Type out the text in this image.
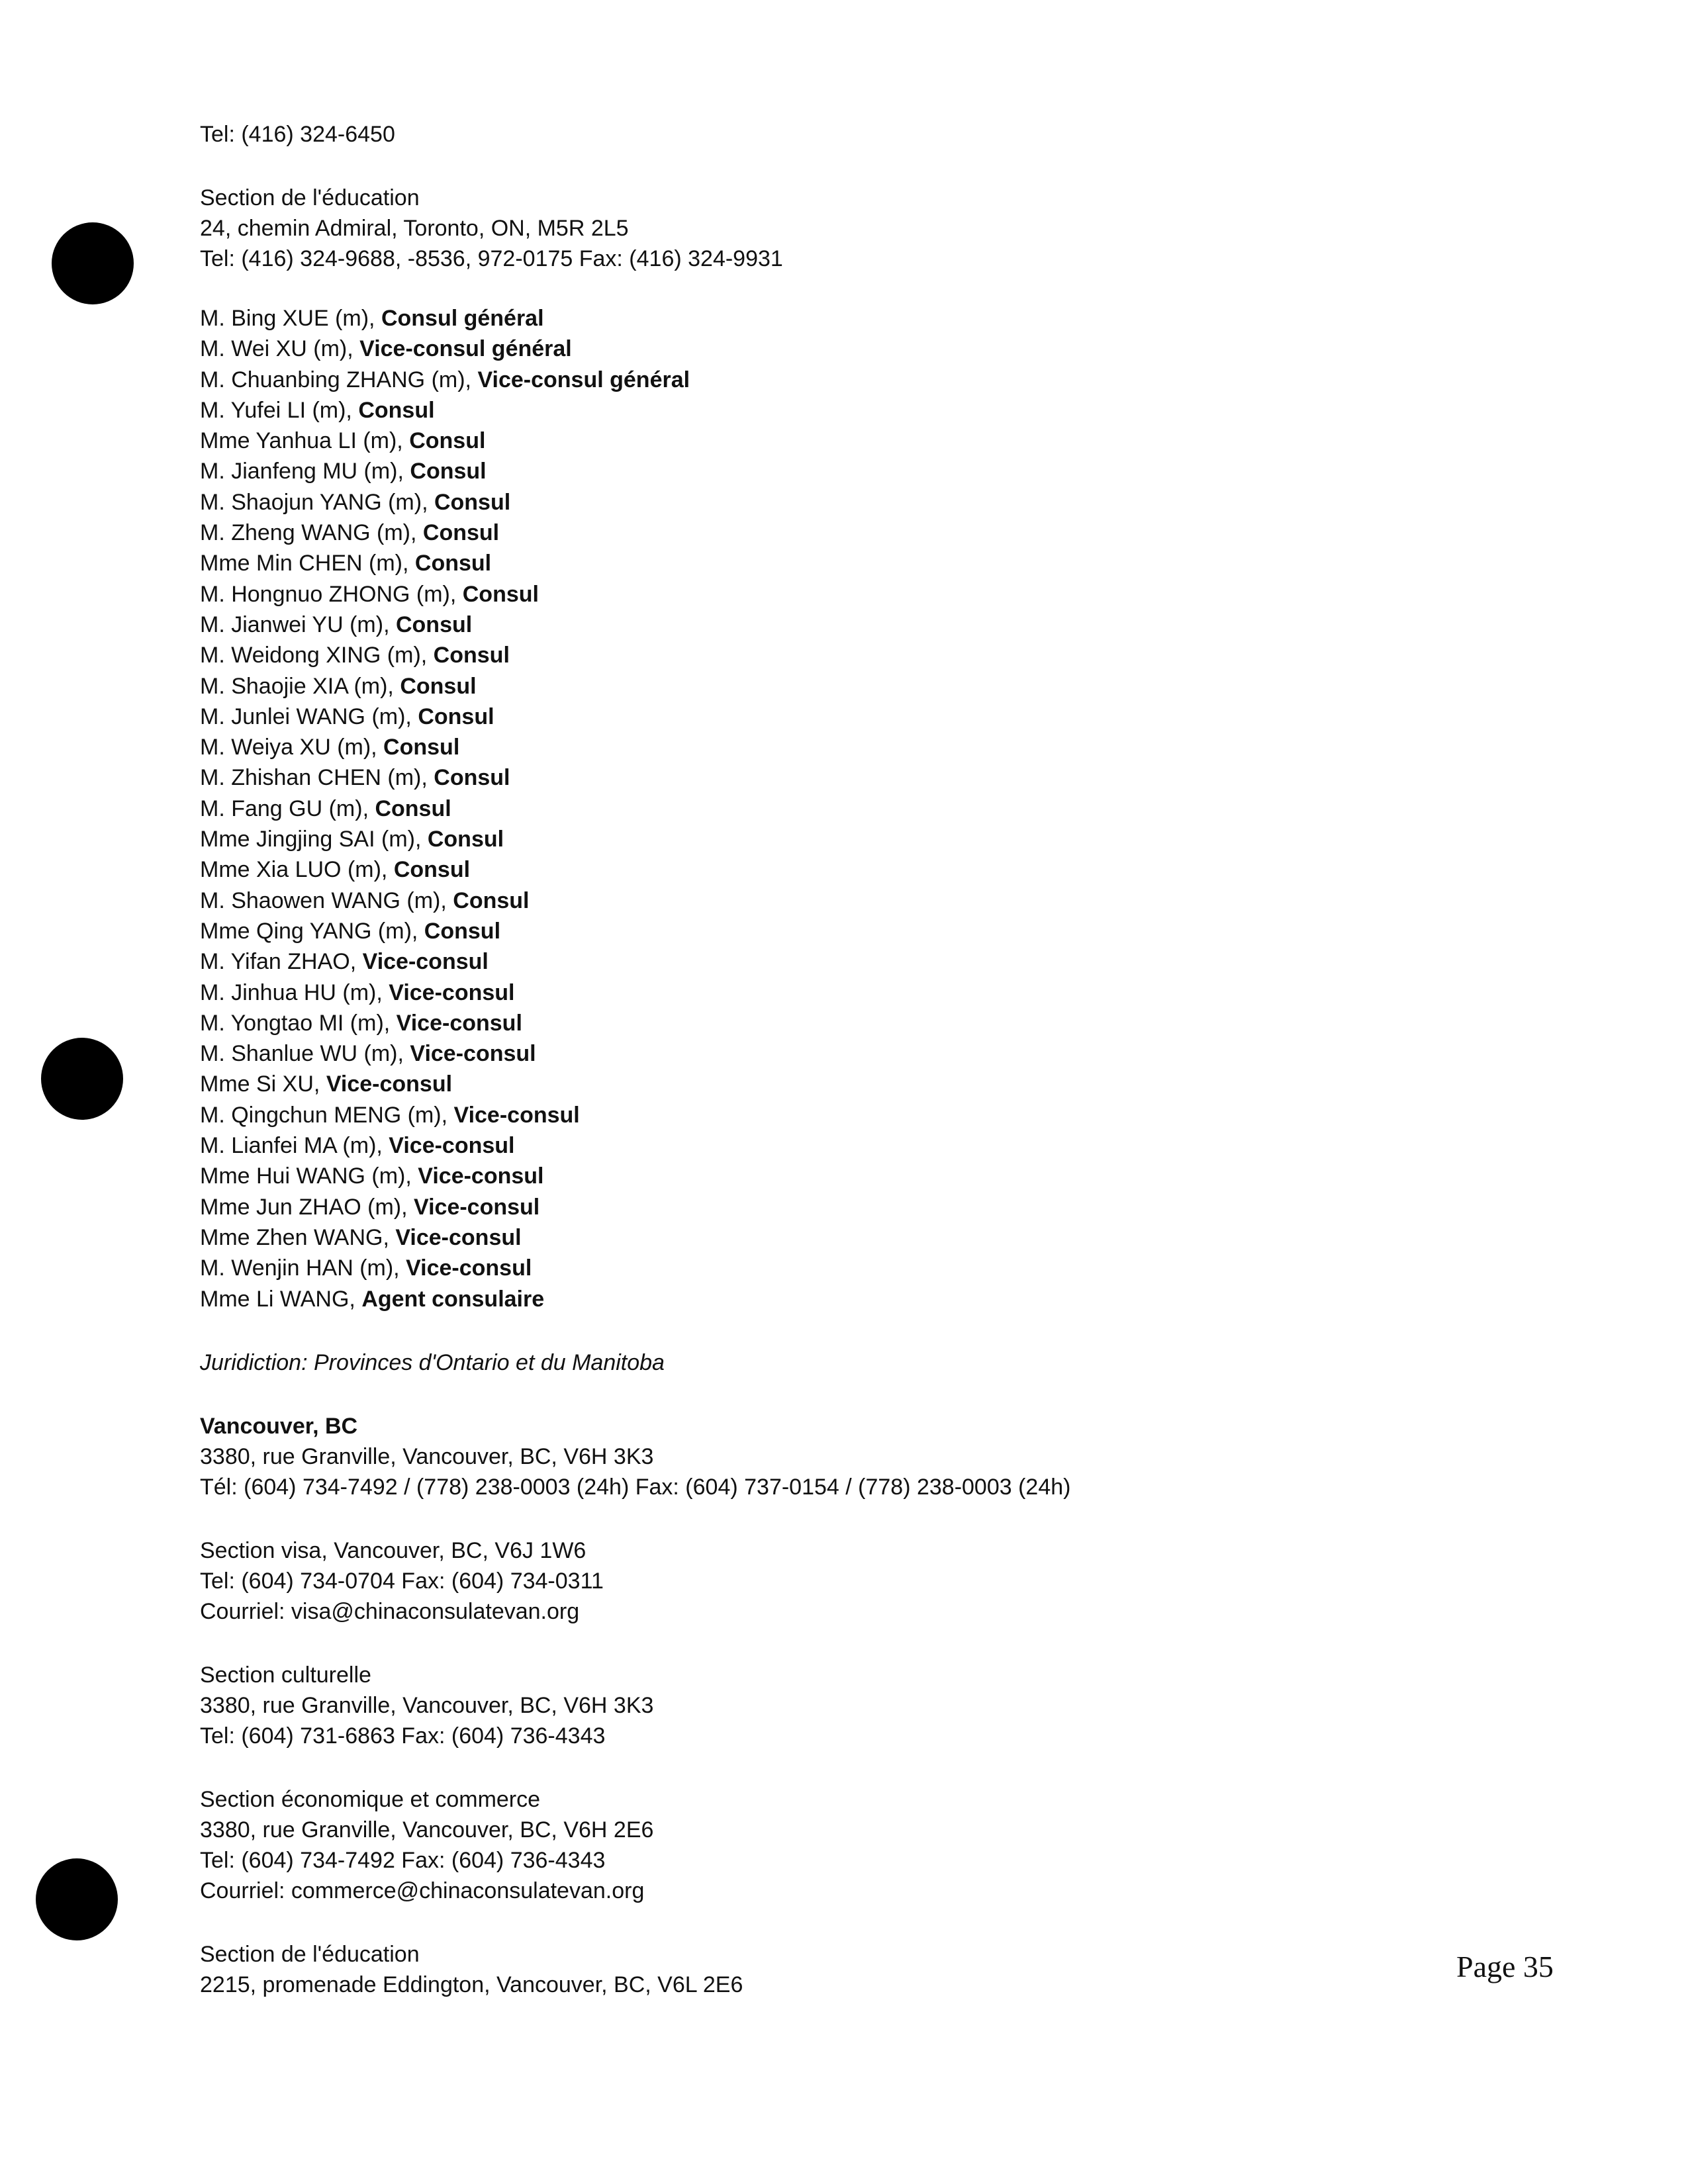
Tel: (416) 324-6450
Section de l'éducation
24, chemin Admiral, Toronto, ON, M5R 2L5
Tel: (416) 324-9688, -8536, 972-0175 Fax: (416) 324-9931
M. Bing XUE (m), Consul général
M. Wei XU (m), Vice-consul général
M. Chuanbing ZHANG (m), Vice-consul général
M. Yufei LI (m), Consul
Mme Yanhua LI (m), Consul
M. Jianfeng MU (m), Consul
M. Shaojun YANG (m), Consul
M. Zheng WANG (m), Consul
Mme Min CHEN (m), Consul
M. Hongnuo ZHONG (m), Consul
M. Jianwei YU (m), Consul
M. Weidong XING (m), Consul
M. Shaojie XIA (m), Consul
M. Junlei WANG (m), Consul
M. Weiya XU (m), Consul
M. Zhishan CHEN (m), Consul
M. Fang GU (m), Consul
Mme Jingjing SAI (m), Consul
Mme Xia LUO (m), Consul
M. Shaowen WANG (m), Consul
Mme Qing YANG (m), Consul
M. Yifan ZHAO, Vice-consul
M. Jinhua HU (m), Vice-consul
M. Yongtao MI (m), Vice-consul
M. Shanlue WU (m), Vice-consul
Mme Si XU, Vice-consul
M. Qingchun MENG (m), Vice-consul
M. Lianfei MA (m), Vice-consul
Mme Hui WANG (m), Vice-consul
Mme Jun ZHAO (m), Vice-consul
Mme Zhen WANG, Vice-consul
M. Wenjin HAN (m), Vice-consul
Mme Li WANG, Agent consulaire
Juridiction: Provinces d'Ontario et du Manitoba
Vancouver, BC
3380, rue Granville, Vancouver, BC, V6H 3K3
Tél: (604) 734-7492 / (778) 238-0003 (24h) Fax: (604) 737-0154 / (778) 238-0003 (24h)
Section visa, Vancouver, BC, V6J 1W6
Tel: (604) 734-0704 Fax: (604) 734-0311
Courriel: visa@chinaconsulatevan.org
Section culturelle
3380, rue Granville, Vancouver, BC, V6H 3K3
Tel: (604) 731-6863 Fax: (604) 736-4343
Section économique et commerce
3380, rue Granville, Vancouver, BC, V6H 2E6
Tel: (604) 734-7492 Fax: (604) 736-4343
Courriel: commerce@chinaconsulatevan.org
Section de l'éducation
2215, promenade Eddington, Vancouver, BC, V6L 2E6
Page 35
